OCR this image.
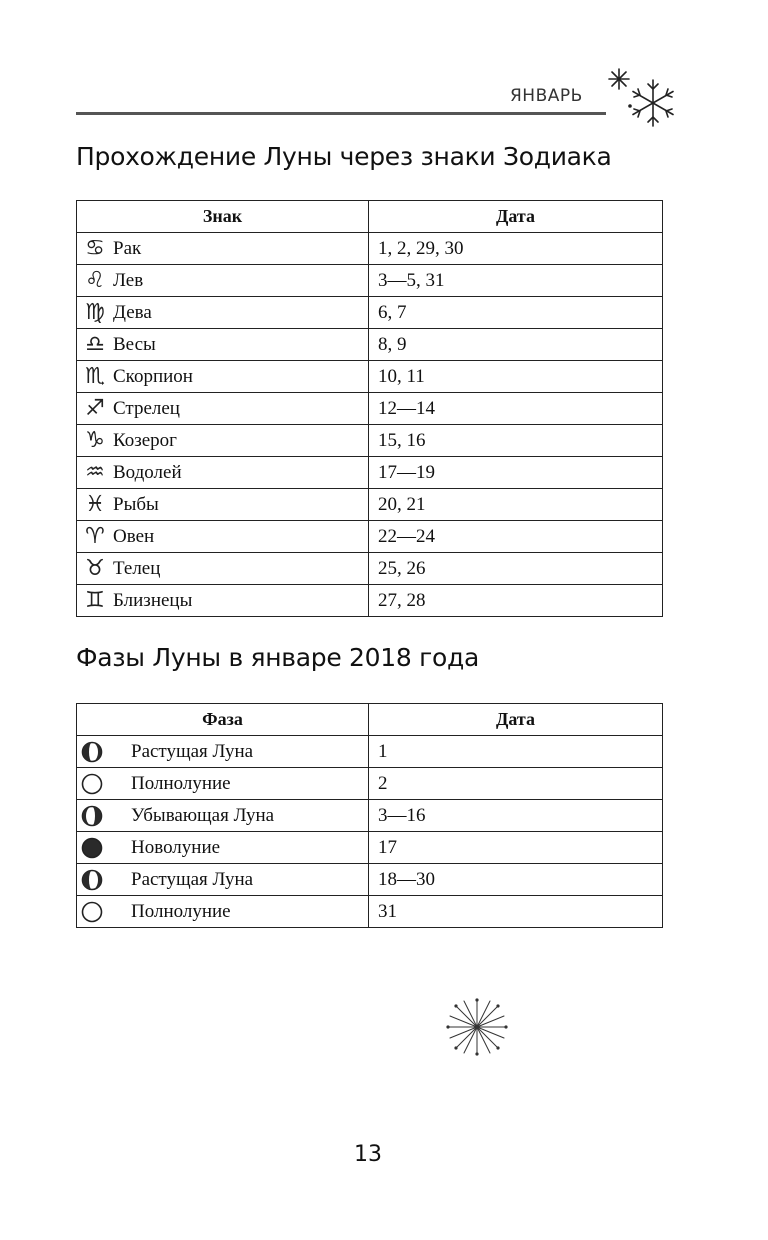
ЯНВАРЬ
Прохождение Луны через знаки Зодиака
Знак	Дата

♋ Рак	1, 2, 29, 30

♌ Лев	3—5, 31

♍ Дева	6, 7

♎ Весы	8, 9

♏ Скорпион	10, 11

♐ Стрелец	12—14

♑ Козерог	15, 16

♒ Водолей	17—19

♓ Рыбы	20, 21

♈ Овен	22—24

♉ Телец	25, 26

♊ Близнецы	27, 28
Фазы Луны в январе 2018 года
Фаза	Дата

Растущая Луна	1

Полнолуние	2

Убывающая Луна	3—16

Новолуние	17

Растущая Луна	18—30

Полнолуние	31
13
